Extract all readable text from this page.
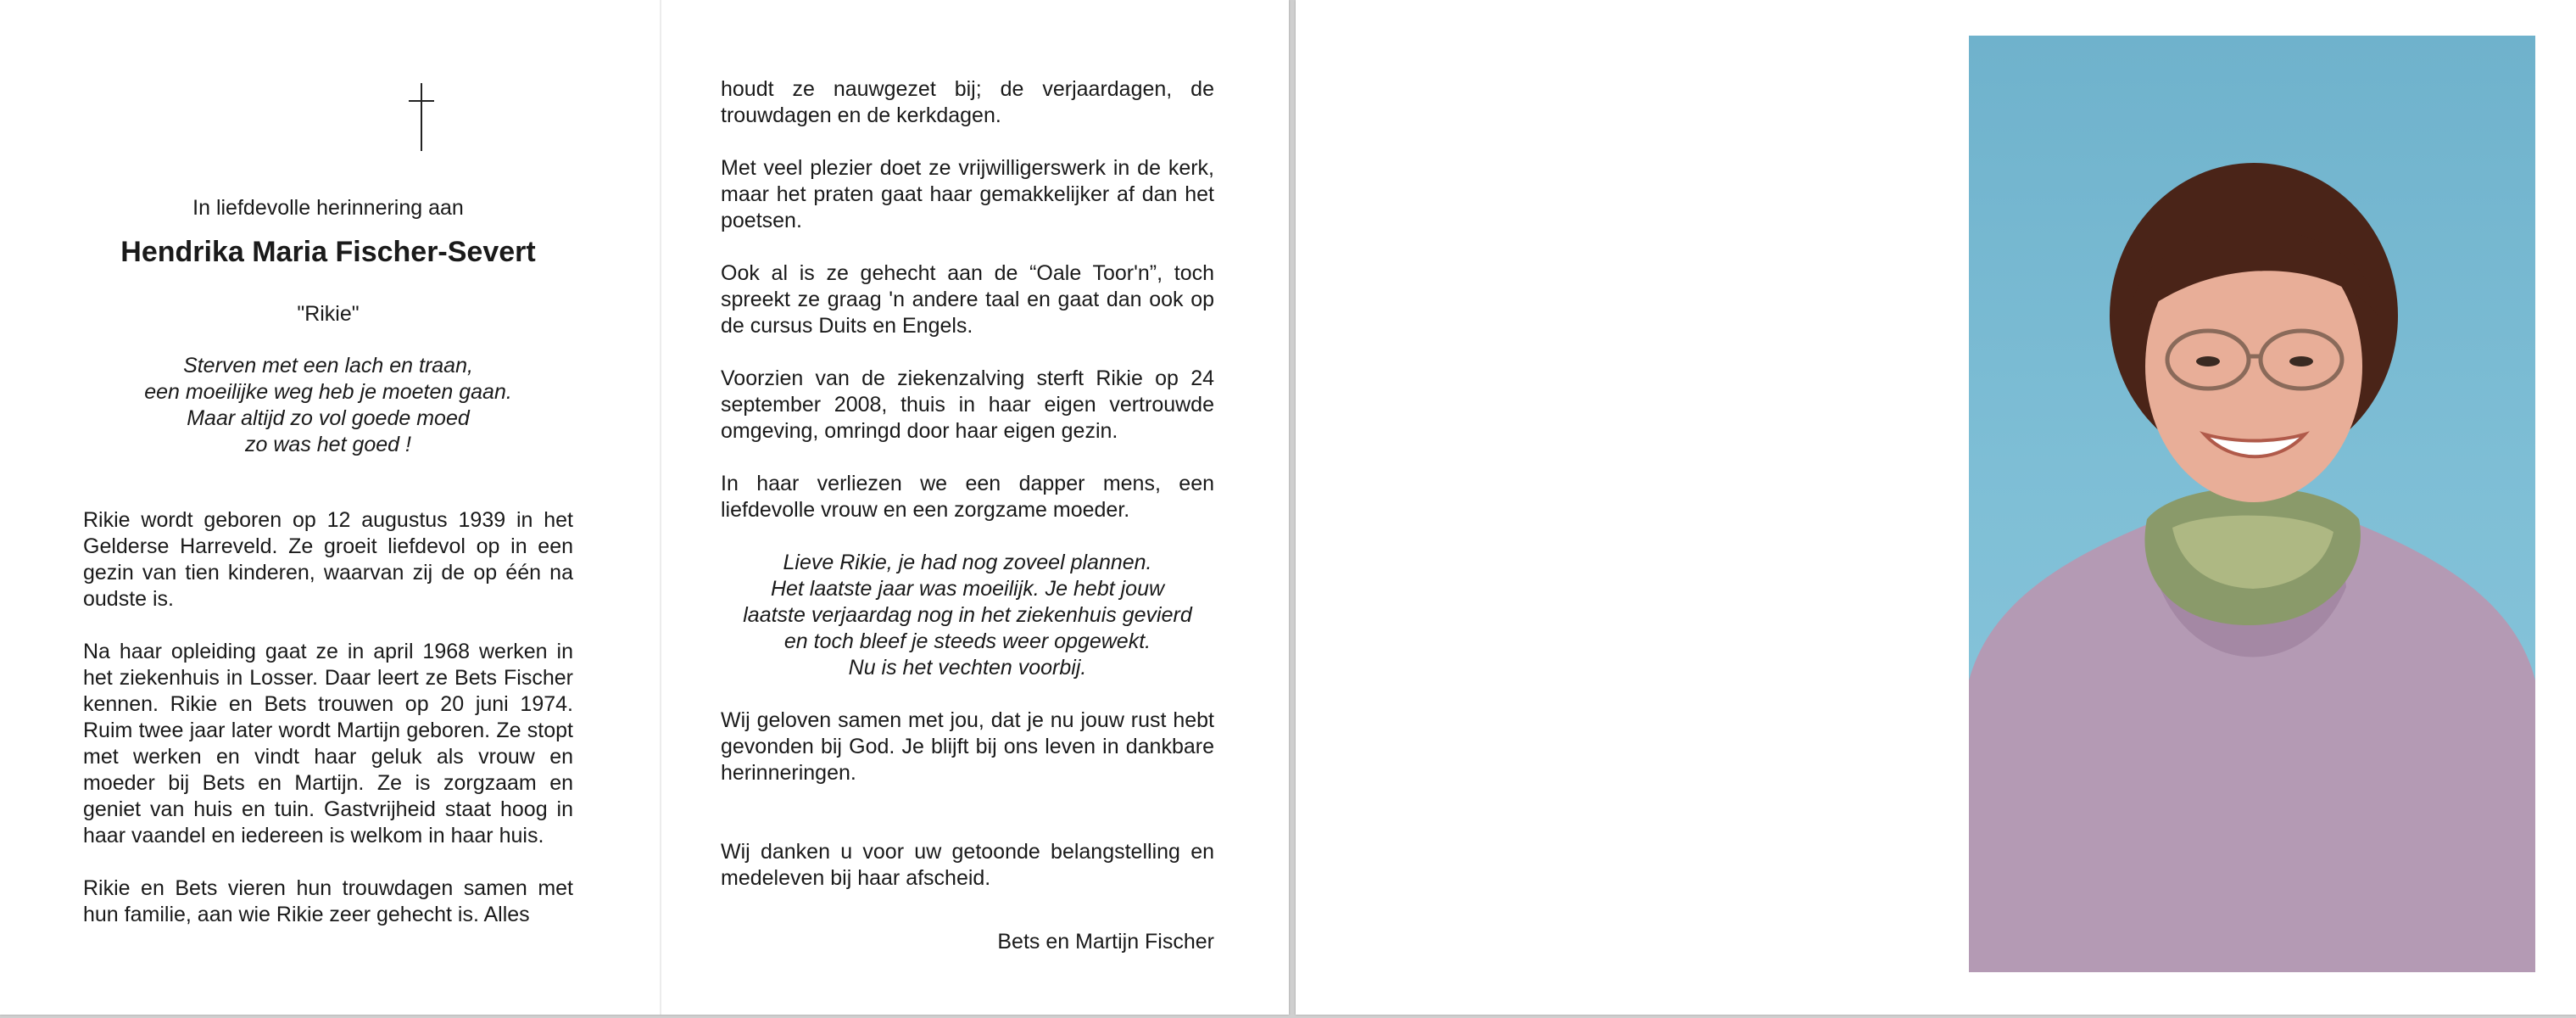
In liefdevolle herinnering aan
Hendrika Maria Fischer-Severt
"Rikie"
Sterven met een lach en traan,
een moeilijke weg heb je moeten gaan.
Maar altijd zo vol goede moed
zo was het goed !

Rikie wordt geboren op 12 augustus 1939 in het Gelderse Harreveld. Ze groeit liefdevol op in een gezin van tien kinderen, waarvan zij de op één na oudste is.

Na haar opleiding gaat ze in april 1968 werken in het ziekenhuis in Losser. Daar leert ze Bets Fischer kennen. Rikie en Bets trouwen op 20 juni 1974. Ruim twee jaar later wordt Martijn geboren. Ze stopt met werken en vindt haar geluk als vrouw en moeder bij Bets en Martijn. Ze is zorgzaam en geniet van huis en tuin. Gastvrijheid staat hoog in haar vaandel en iedereen is welkom in haar huis.

Rikie en Bets vieren hun trouwdagen samen met hun familie, aan wie Rikie zeer gehecht is. Alles

houdt ze nauwgezet bij; de verjaardagen, de trouwdagen en de kerkdagen.

Met veel plezier doet ze vrijwilligerswerk in de kerk, maar het praten gaat haar gemakkelijker af dan het poetsen.

Ook al is ze gehecht aan de “Oale Toor'n”, toch spreekt ze graag 'n andere taal en gaat dan ook op de cursus Duits en Engels.

Voorzien van de ziekenzalving sterft Rikie op 24 september 2008, thuis in haar eigen vertrouwde omgeving, omringd door haar eigen gezin.

In haar verliezen we een dapper mens, een liefdevolle vrouw en een zorgzame moeder.

Lieve Rikie, je had nog zoveel plannen.
Het laatste jaar was moeilijk. Je hebt jouw
laatste verjaardag nog in het ziekenhuis gevierd
en toch bleef je steeds weer opgewekt.
Nu is het vechten voorbij.

Wij geloven samen met jou, dat je nu jouw rust hebt gevonden bij God. Je blijft bij ons leven in dankbare herinneringen.

Wij danken u voor uw getoonde belangstelling en medeleven bij haar afscheid.

Bets en Martijn Fischer
